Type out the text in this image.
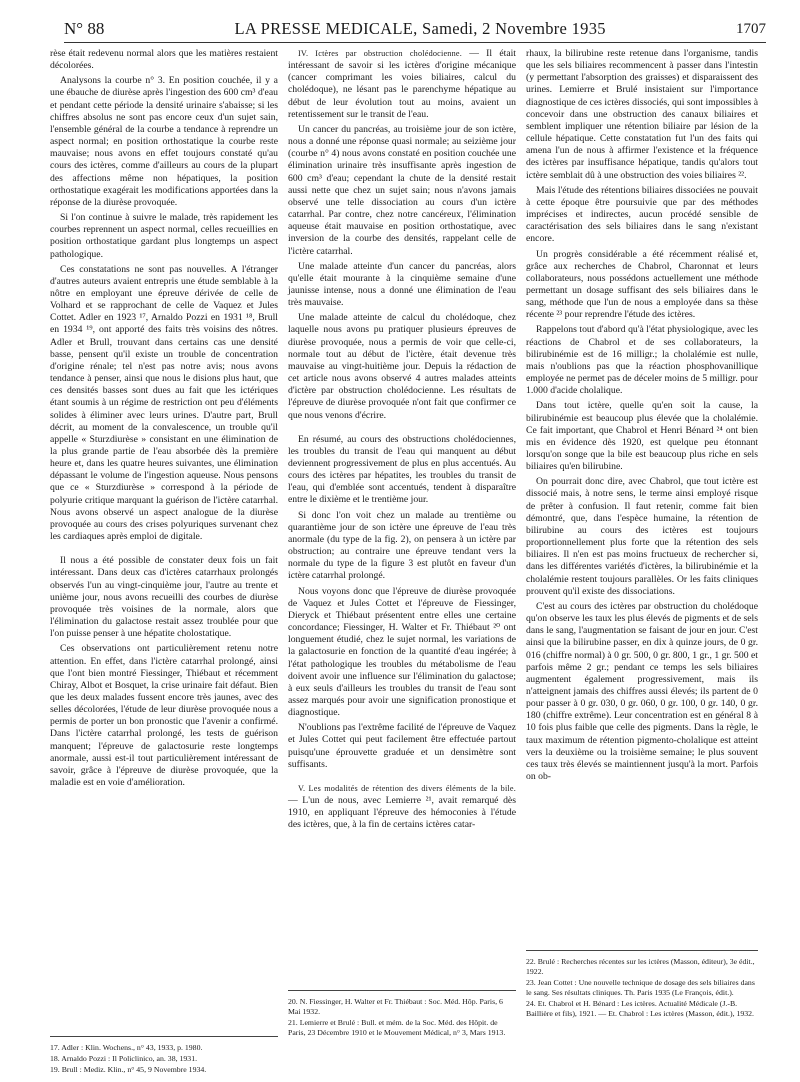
N° 88	LA PRESSE MEDICALE, Samedi, 2 Novembre 1935	1707

rèse était redevenu normal alors que les matières restaient décolorées.

Analysons la courbe n° 3. En position couchée, il y a une ébauche de diurèse après l'ingestion des 600 cm³ d'eau et pendant cette période la densité urinaire s'abaisse; si les chiffres absolus ne sont pas encore ceux d'un sujet sain, l'ensemble général de la courbe a tendance à reprendre un aspect normal; en position orthostatique la courbe reste mauvaise; nous avons en effet toujours constaté qu'au cours des ictères, comme d'ailleurs au cours de la plupart des affections même non hépatiques, la position orthostatique exagérait les modifications apportées dans la réponse de la diurèse provoquée.

Si l'on continue à suivre le malade, très rapidement les courbes reprennent un aspect normal, celles recueillies en position orthostatique gardant plus longtemps un aspect pathologique.

Ces constatations ne sont pas nouvelles. A l'étranger d'autres auteurs avaient entrepris une étude semblable à la nôtre en employant une épreuve dérivée de celle de Volhard et se rapprochant de celle de Vaquez et Jules Cottet. Adler en 1923 ¹⁷, Arnaldo Pozzi en 1931 ¹⁸, Brull en 1934 ¹⁹, ont apporté des faits très voisins des nôtres. Adler et Brull, trouvant dans certains cas une densité basse, pensent qu'il existe un trouble de concentration d'origine rénale; tel n'est pas notre avis; nous avons tendance à penser, ainsi que nous le disions plus haut, que ces densités basses sont dues au fait que les ictériques étant soumis à un régime de restriction ont peu d'éléments solides à éliminer avec leurs urines. D'autre part, Brull décrit, au moment de la convalescence, un trouble qu'il appelle « Sturzdiurèse » consistant en une élimination de la plus grande partie de l'eau absorbée dès la première heure et, dans les quatre heures suivantes, une élimination dépassant le volume de l'ingestion aqueuse. Nous pensons que ce « Sturzdiurèse » correspond à la période de polyurie critique marquant la guérison de l'ictère catarrhal. Nous avons observé un aspect analogue de la diurèse provoquée au cours des crises polyuriques survenant chez les cardiaques après emploi de digitale.

Il nous a été possible de constater deux fois un fait intéressant. Dans deux cas d'ictères catarrhaux prolongés observés l'un au vingt-cinquième jour, l'autre au trente et unième jour, nous avons recueilli des courbes de diurèse provoquée très voisines de la normale, alors que l'élimination du galactose restait assez troublée pour que l'on puisse penser à une hépatite cholostatique.

Ces observations ont particulièrement retenu notre attention. En effet, dans l'ictère catarrhal prolongé, ainsi que l'ont bien montré Fiessinger, Thiébaut et récemment Chiray, Albot et Bosquet, la crise urinaire fait défaut. Bien que les deux malades fussent encore très jaunes, avec des selles décolorées, l'étude de leur diurèse provoquée nous a permis de porter un bon pronostic que l'avenir a confirmé. Dans l'ictère catarrhal prolongé, les tests de guérison manquent; l'épreuve de galactosurie reste longtemps anormale, aussi est-il tout particulièrement intéressant de savoir, grâce à l'épreuve de diurèse provoquée, que la maladie est en voie d'amélioration.

IV. Ictères par obstruction cholédocienne. — Il était intéressant de savoir si les ictères d'origine mécanique (cancer comprimant les voies biliaires, calcul du cholédoque), ne lésant pas le parenchyme hépatique au début de leur évolution tout au moins, avaient un retentissement sur le transit de l'eau.

Un cancer du pancréas, au troisième jour de son ictère, nous a donné une réponse quasi normale; au seizième jour (courbe n° 4) nous avons constaté en position couchée une élimination urinaire très insuffisante après ingestion de 600 cm³ d'eau; cependant la chute de la densité restait aussi nette que chez un sujet sain; nous n'avons jamais observé une telle dissociation au cours d'un ictère catarrhal. Par contre, chez notre cancéreux, l'élimination aqueuse était mauvaise en position orthostatique, avec inversion de la courbe des densités, rappelant celle de l'ictère catarrhal.

Une malade atteinte d'un cancer du pancréas, alors qu'elle était mourante à la cinquième semaine d'une jaunisse intense, nous a donné une élimination de l'eau très mauvaise.

Une malade atteinte de calcul du cholédoque, chez laquelle nous avons pu pratiquer plusieurs épreuves de diurèse provoquée, nous a permis de voir que celle-ci, normale tout au début de l'ictère, était devenue très mauvaise au vingt-huitième jour. Depuis la rédaction de cet article nous avons observé 4 autres malades atteints d'ictère par obstruction cholédocienne. Les résultats de l'épreuve de diurèse provoquée n'ont fait que confirmer ce que nous venons d'écrire.

En résumé, au cours des obstructions cholédociennes, les troubles du transit de l'eau qui manquent au début deviennent progressivement de plus en plus accentués. Au cours des ictères par hépatites, les troubles du transit de l'eau, qui d'emblée sont accentués, tendent à disparaître entre le dixième et le trentième jour.

Si donc l'on voit chez un malade au trentième ou quarantième jour de son ictère une épreuve de l'eau très anormale (du type de la fig. 2), on pensera à un ictère par obstruction; au contraire une épreuve tendant vers la normale du type de la figure 3 est plutôt en faveur d'un ictère catarrhal prolongé.

Nous voyons donc que l'épreuve de diurèse provoquée de Vaquez et Jules Cottet et l'épreuve de Fiessinger, Dieryck et Thiébaut présentent entre elles une certaine concordance; Fiessinger, H. Walter et Fr. Thiébaut ²⁰ ont longuement étudié, chez le sujet normal, les variations de la galactosurie en fonction de la quantité d'eau ingérée; à l'état pathologique les troubles du métabolisme de l'eau doivent avoir une influence sur l'élimination du galactose; à eux seuls d'ailleurs les troubles du transit de l'eau sont assez marqués pour avoir une signification pronostique et diagnostique.

N'oublions pas l'extrême facilité de l'épreuve de Vaquez et Jules Cottet qui peut facilement être effectuée partout puisqu'une éprouvette graduée et un densimètre sont suffisants.

V. Les modalités de rétention des divers éléments de la bile. — L'un de nous, avec Lemierre ²¹, avait remarqué dès 1910, en appliquant l'épreuve des hémoconies à l'étude des ictères, que, à la fin de certains ictères catar-

rhaux, la bilirubine reste retenue dans l'organisme, tandis que les sels biliaires recommencent à passer dans l'intestin (y permettant l'absorption des graisses) et disparaissent des urines. Lemierre et Brulé insistaient sur l'importance diagnostique de ces ictères dissociés, qui sont impossibles à concevoir dans une obstruction des canaux biliaires et semblent impliquer une rétention biliaire par lésion de la cellule hépatique. Cette constatation fut l'un des faits qui amena l'un de nous à affirmer l'existence et la fréquence des ictères par insuffisance hépatique, tandis qu'alors tout ictère semblait dû à une obstruction des voies biliaires ²².

Mais l'étude des rétentions biliaires dissociées ne pouvait à cette époque être poursuivie que par des méthodes imprécises et indirectes, aucun procédé sensible de caractérisation des sels biliaires dans le sang n'existant encore.

Un progrès considérable a été récemment réalisé et, grâce aux recherches de Chabrol, Charonnat et leurs collaborateurs, nous possédons actuellement une méthode permettant un dosage suffisant des sels biliaires dans le sang, méthode que l'un de nous a employée dans sa thèse récente ²³ pour reprendre l'étude des ictères.

Rappelons tout d'abord qu'à l'état physiologique, avec les réactions de Chabrol et de ses collaborateurs, la bilirubinémie est de 16 milligr.; la cholalémie est nulle, mais n'oublions pas que la réaction phosphovanillique employée ne permet pas de déceler moins de 5 milligr. pour 1.000 d'acide cholalique.

Dans tout ictère, quelle qu'en soit la cause, la bilirubinémie est beaucoup plus élevée que la cholalémie. Ce fait important, que Chabrol et Henri Bénard ²⁴ ont bien mis en évidence dès 1920, est quelque peu étonnant lorsqu'on songe que la bile est beaucoup plus riche en sels biliaires qu'en bilirubine.

On pourrait donc dire, avec Chabrol, que tout ictère est dissocié mais, à notre sens, le terme ainsi employé risque de prêter à confusion. Il faut retenir, comme fait bien démontré, que, dans l'espèce humaine, la rétention de bilirubine au cours des ictères est toujours proportionnellement plus forte que la rétention des sels biliaires. Il n'en est pas moins fructueux de rechercher si, dans les différentes variétés d'ictères, la bilirubinémie et la cholalémie restent toujours parallèles. Or les faits cliniques prouvent qu'il existe des dissociations.

C'est au cours des ictères par obstruction du cholédoque qu'on observe les taux les plus élevés de pigments et de sels dans le sang, l'augmentation se faisant de jour en jour. C'est ainsi que la bilirubine passer, en dix à quinze jours, de 0 gr. 016 (chiffre normal) à 0 gr. 500, 0 gr. 800, 1 gr., 1 gr. 500 et parfois même 2 gr.; pendant ce temps les sels biliaires augmentent également progressivement, mais ils n'atteignent jamais des chiffres aussi élevés; ils partent de 0 pour passer à 0 gr. 030, 0 gr. 060, 0 gr. 100, 0 gr. 140, 0 gr. 180 (chiffre extrême). Leur concentration est en général 8 à 10 fois plus faible que celle des pigments. Dans la règle, le taux maximum de rétention pigmento-cholalique est atteint vers la deuxième ou la troisième semaine; le plus souvent ces taux très élevés se maintiennent jusqu'à la mort. Parfois on ob-

17. Adler : Klin. Wochens., n° 43, 1933, p. 1980.

18. Arnaldo Pozzi : Il Policlinico, an. 38, 1931.

19. Brull : Mediz. Klin., n° 45, 9 Novembre 1934.

20. N. Fiessinger, H. Walter et Fr. Thiébaut : Soc. Méd. Hôp. Paris, 6 Mai 1932.

21. Lemierre et Brulé : Bull. et mém. de la Soc. Méd. des Hôpit. de Paris, 23 Décembre 1910 et le Mouvement Médical, n° 3, Mars 1913.

22. Brulé : Recherches récentes sur les ictères (Masson, éditeur), 3e édit., 1922.

23. Jean Cottet : Une nouvelle technique de dosage des sels biliaires dans le sang. Ses résultats cliniques. Th. Paris 1935 (Le François, édit.).

24. Et. Chabrol et H. Bénard : Les ictères. Actualité Médicale (J.-B. Baillière et fils), 1921. — Et. Chabrol : Les ictères (Masson, édit.), 1932.
